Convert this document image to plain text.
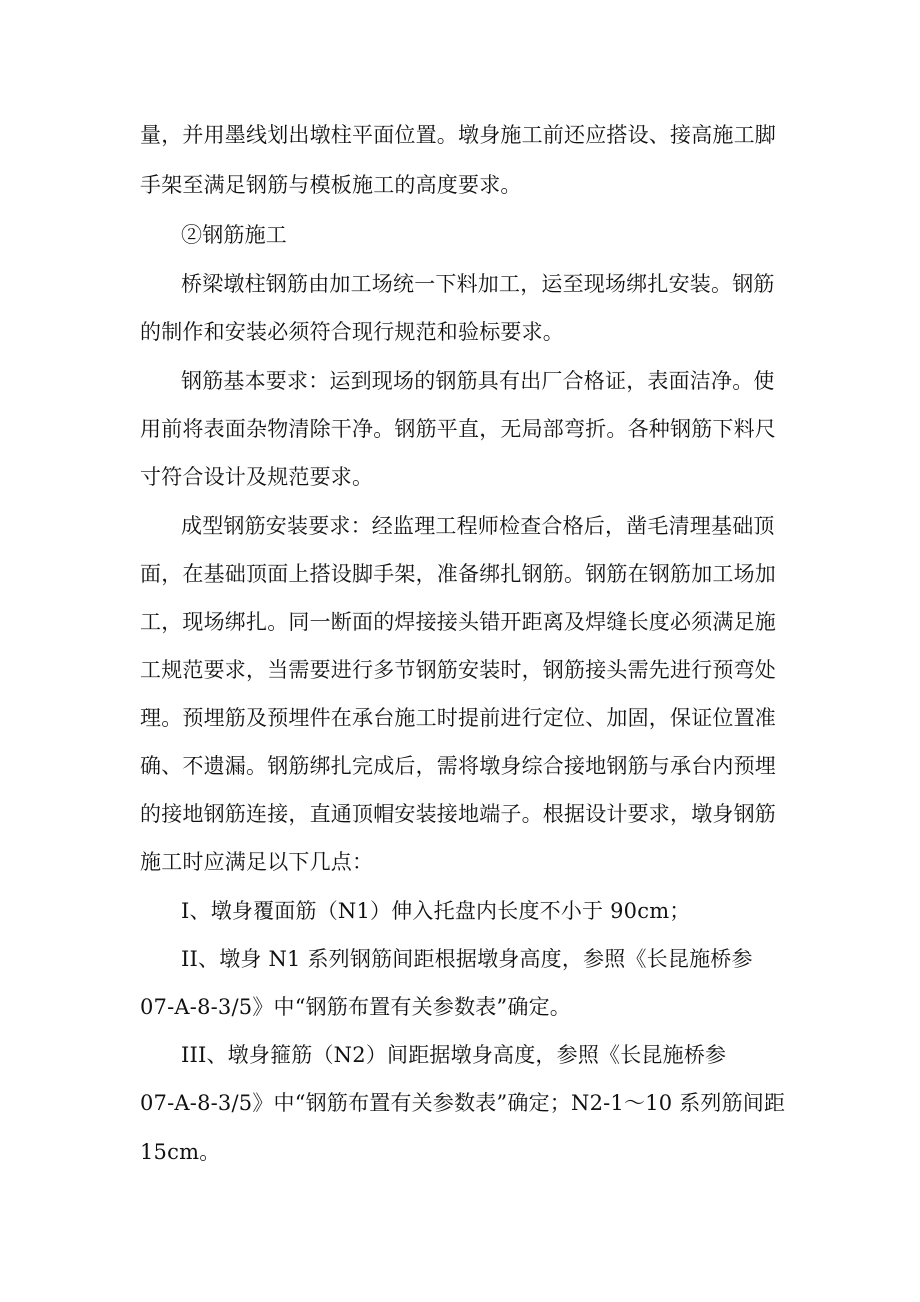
量，并用墨线划出墩柱平面位置。墩身施工前还应搭设、接高施工脚

手架至满足钢筋与模板施工的高度要求。

②钢筋施工

桥梁墩柱钢筋由加工场统一下料加工，运至现场绑扎安装。钢筋

的制作和安装必须符合现行规范和验标要求。

钢筋基本要求：运到现场的钢筋具有出厂合格证，表面洁净。使

用前将表面杂物清除干净。钢筋平直，无局部弯折。各种钢筋下料尺

寸符合设计及规范要求。

成型钢筋安装要求：经监理工程师检查合格后，凿毛清理基础顶

面，在基础顶面上搭设脚手架，准备绑扎钢筋。钢筋在钢筋加工场加

工，现场绑扎。同一断面的焊接接头错开距离及焊缝长度必须满足施

工规范要求，当需要进行多节钢筋安装时，钢筋接头需先进行预弯处

理。预埋筋及预埋件在承台施工时提前进行定位、加固，保证位置准

确、不遗漏。钢筋绑扎完成后，需将墩身综合接地钢筋与承台内预埋

的接地钢筋连接，直通顶帽安装接地端子。根据设计要求，墩身钢筋

施工时应满足以下几点：

I、墩身覆面筋（N1）伸入托盘内长度不小于 90cm；

II、墩身 N1 系列钢筋间距根据墩身高度，参照《长昆施桥参

07-A-8-3/5》中“钢筋布置有关参数表”确定。

III、墩身箍筋（N2）间距据墩身高度，参照《长昆施桥参

07-A-8-3/5》中“钢筋布置有关参数表”确定；N2-1～10 系列筋间距

15cm。
